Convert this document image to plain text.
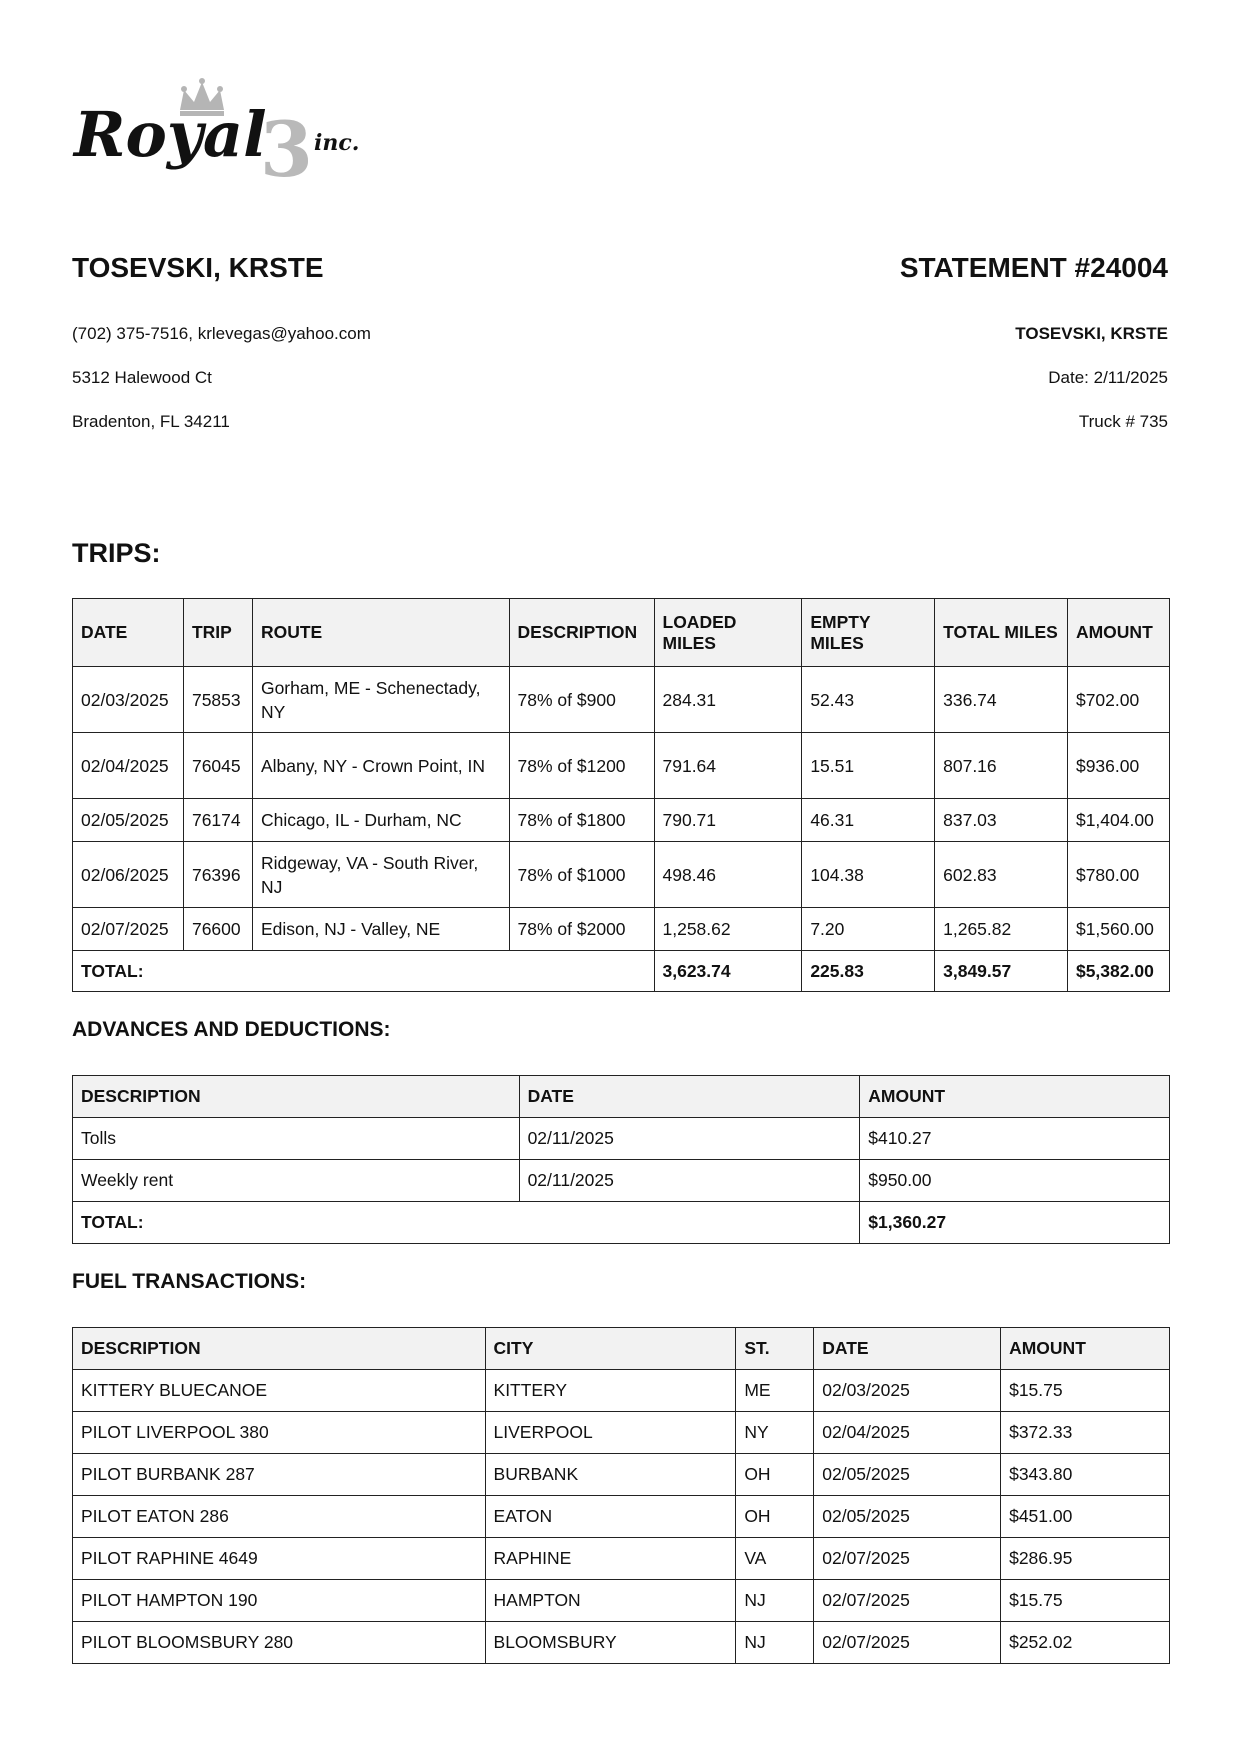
3
Royal inc.
TOSEVSKI, KRSTE	STATEMENT #24004
(702) 375-7516, krlevegas@yahoo.com
5312 Halewood Ct
Bradenton, FL 34211
TOSEVSKI, KRSTE
Date: 2/11/2025
Truck # 735
TRIPS:
DATE	TRIP	ROUTE	DESCRIPTION	LOADED MILES	EMPTY MILES	TOTAL MILES	AMOUNT
02/03/2025	75853	Gorham, ME - Schenectady, NY	78% of $900	284.31	52.43	336.74	$702.00
02/04/2025	76045	Albany, NY - Crown Point, IN	78% of $1200	791.64	15.51	807.16	$936.00
02/05/2025	76174	Chicago, IL - Durham, NC	78% of $1800	790.71	46.31	837.03	$1,404.00
02/06/2025	76396	Ridgeway, VA - South River, NJ	78% of $1000	498.46	104.38	602.83	$780.00
02/07/2025	76600	Edison, NJ - Valley, NE	78% of $2000	1,258.62	7.20	1,265.82	$1,560.00
TOTAL:				3,623.74	225.83	3,849.57	$5,382.00
ADVANCES AND DEDUCTIONS:
DESCRIPTION	DATE	AMOUNT
Tolls	02/11/2025	$410.27
Weekly rent	02/11/2025	$950.00
TOTAL:		$1,360.27
FUEL TRANSACTIONS:
DESCRIPTION	CITY	ST.	DATE	AMOUNT
KITTERY BLUECANOE	KITTERY	ME	02/03/2025	$15.75
PILOT LIVERPOOL 380	LIVERPOOL	NY	02/04/2025	$372.33
PILOT BURBANK 287	BURBANK	OH	02/05/2025	$343.80
PILOT EATON 286	EATON	OH	02/05/2025	$451.00
PILOT RAPHINE 4649	RAPHINE	VA	02/07/2025	$286.95
PILOT HAMPTON 190	HAMPTON	NJ	02/07/2025	$15.75
PILOT BLOOMSBURY 280	BLOOMSBURY	NJ	02/07/2025	$252.02
